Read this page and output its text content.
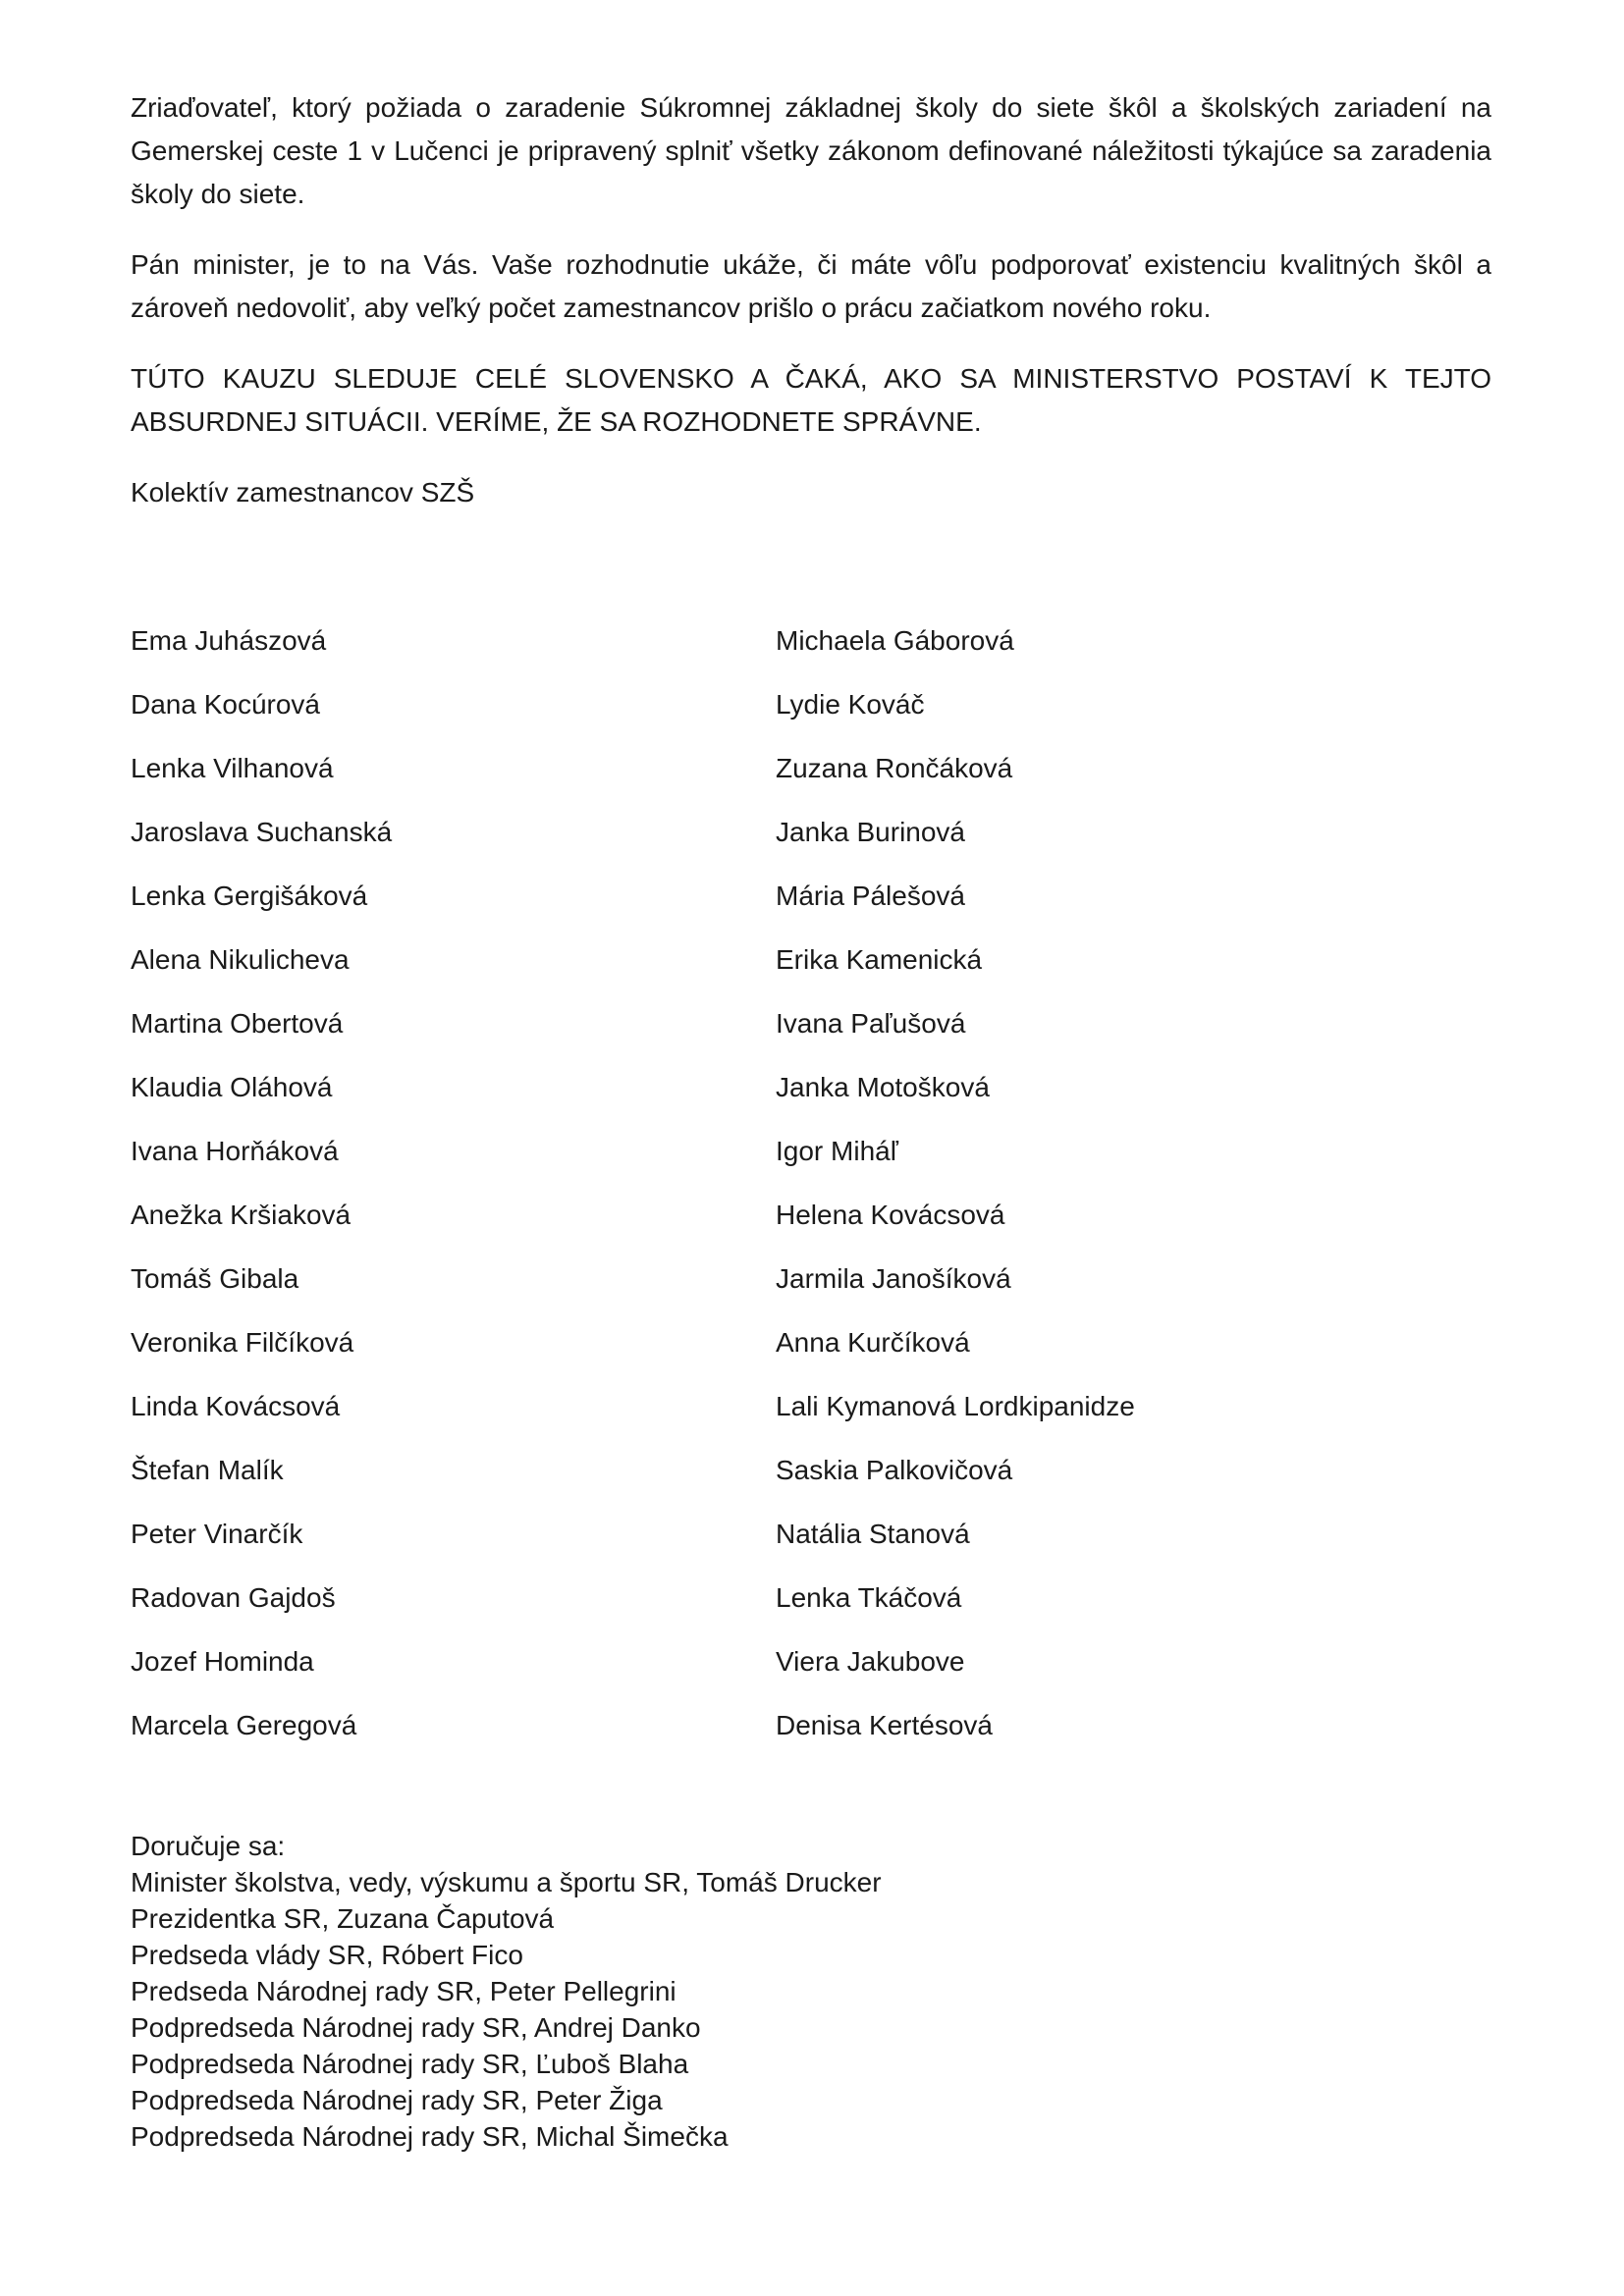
Zriaďovateľ, ktorý požiada o zaradenie Súkromnej základnej školy do siete škôl a školských zariadení na Gemerskej ceste 1 v Lučenci je pripravený splniť všetky zákonom definované náležitosti týkajúce sa zaradenia školy do siete.

Pán minister, je to na Vás. Vaše rozhodnutie ukáže, či máte vôľu podporovať existenciu kvalitných škôl a zároveň nedovoliť, aby veľký počet zamestnancov prišlo o prácu začiatkom nového roku.

TÚTO KAUZU SLEDUJE CELÉ SLOVENSKO A ČAKÁ, AKO SA MINISTERSTVO POSTAVÍ K TEJTO ABSURDNEJ SITUÁCII. VERÍME, ŽE SA ROZHODNETE SPRÁVNE.

Kolektív zamestnancov SZŠ

Ema Juhászová
Dana Kocúrová
Lenka Vilhanová
Jaroslava Suchanská
Lenka Gergišáková
Alena Nikulicheva
Martina Obertová
Klaudia Oláhová
Ivana Horňáková
Anežka Kršiaková
Tomáš Gibala
Veronika Filčíková
Linda Kovácsová
Štefan Malík
Peter Vinarčík
Radovan Gajdoš
Jozef Hominda
Marcela Geregová
Michaela Gáborová
Lydie Kováč
Zuzana Rončáková
Janka Burinová
Mária Pálešová
Erika Kamenická
Ivana Paľušová
Janka Motošková
Igor Miháľ
Helena Kovácsová
Jarmila Janošíková
Anna Kurčíková
Lali Kymanová Lordkipanidze
Saskia Palkovičová
Natália Stanová
Lenka Tkáčová
Viera Jakubove
Denisa Kertésová
Doručuje sa:
Minister školstva, vedy, výskumu a športu SR, Tomáš Drucker
Prezidentka SR, Zuzana Čaputová
Predseda vlády SR, Róbert Fico
Predseda Národnej rady SR, Peter Pellegrini
Podpredseda Národnej rady SR, Andrej Danko
Podpredseda Národnej rady SR, Ľuboš Blaha
Podpredseda Národnej rady SR, Peter Žiga
Podpredseda Národnej rady SR, Michal Šimečka
